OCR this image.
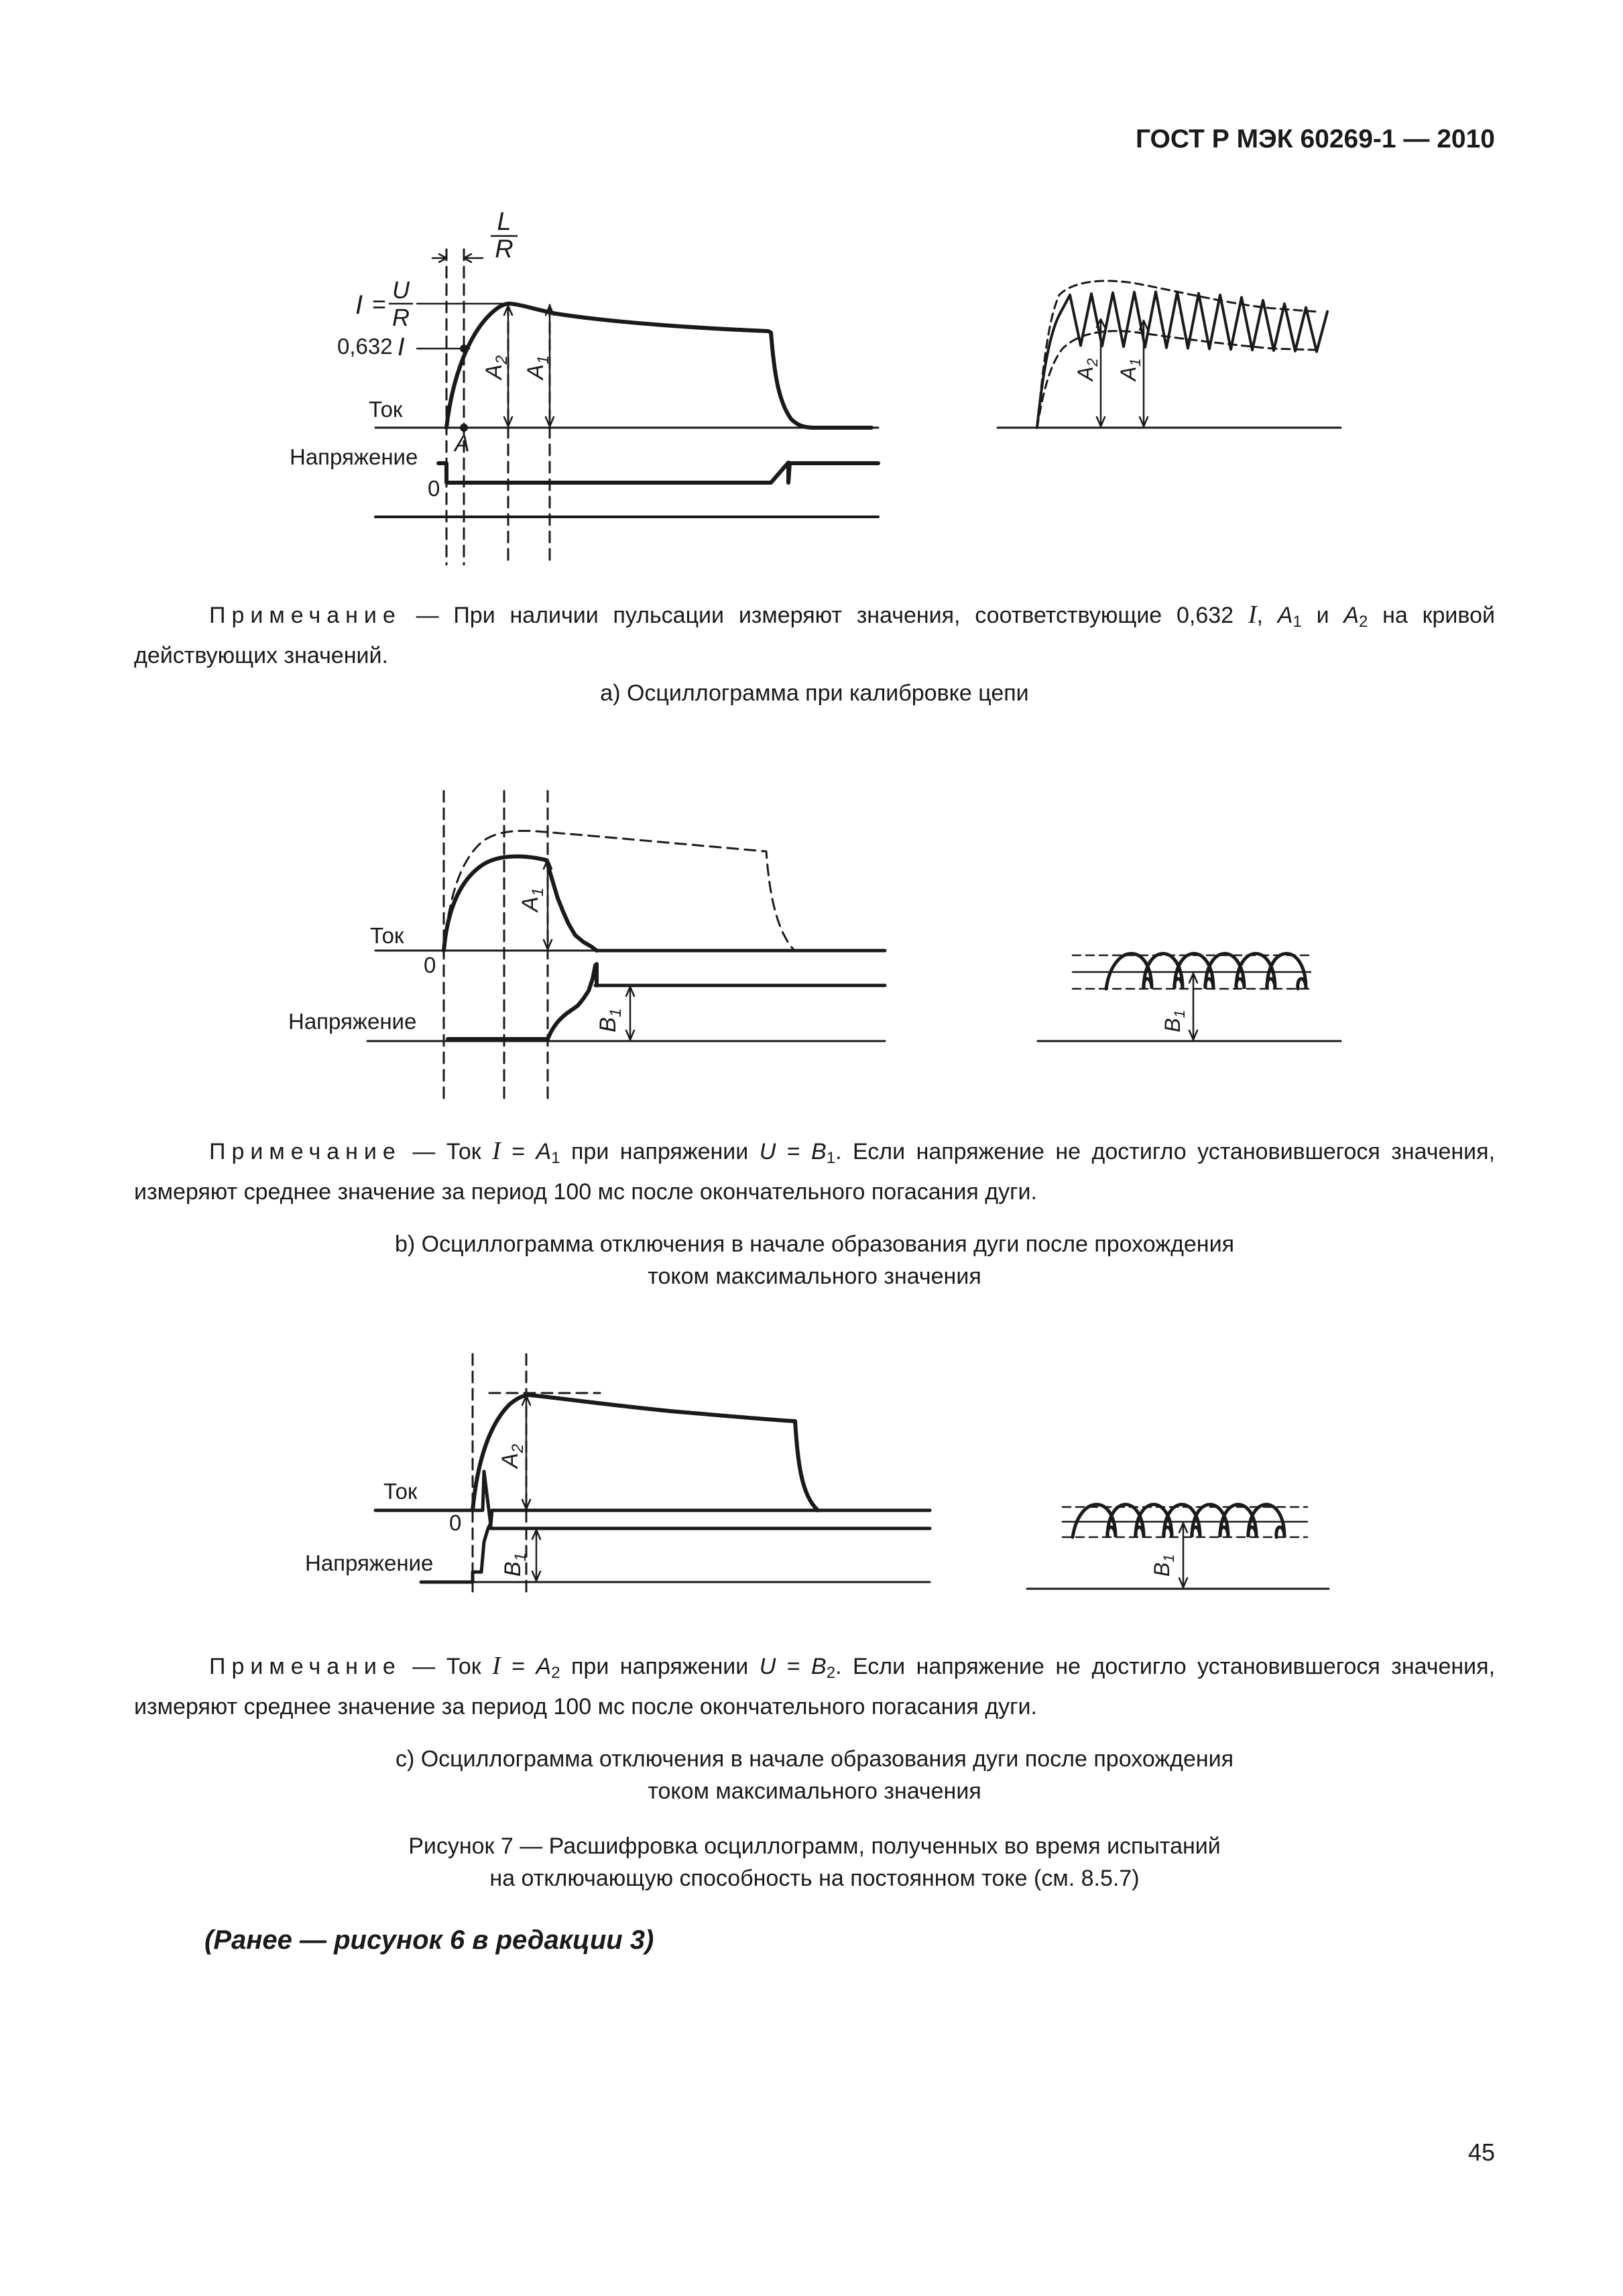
ГОСТ Р МЭК 60269-1 — 2010
L
R
I =
U
R
0,632 I
Ток
A
Напряжение
0
$A_2$
$A_1$
$A_2$
$A_1$
Примечание — При наличии пульсации измеряют значения, соответствующие 0,632 I, $A_1$ и $A_2$ на кривой действующих значений.
а) Осциллограмма при калибровке цепи
Ток
0
Напряжение
$A_1$
$B_1$
$B_1$
Примечание — Ток $I = A_1$ при напряжении $U = B_1$. Если напряжение не достигло установившегося значения, измеряют среднее значение за период 100 мс после окончательного погасания дуги.
b) Осциллограмма отключения в начале образования дуги после прохождения
током максимального значения
Ток
0
Напряжение
$A_2$
$B_1$
$B_1$
Примечание — Ток $I = A_2$ при напряжении $U = B_2$. Если напряжение не достигло установившегося значения, измеряют среднее значение за период 100 мс после окончательного погасания дуги.
с) Осциллограмма отключения в начале образования дуги после прохождения
током максимального значения
Рисунок 7 — Расшифровка осциллограмм, полученных во время испытаний
на отключающую способность на постоянном токе (см. 8.5.7)
(Ранее — рисунок 6 в редакции 3)
45
